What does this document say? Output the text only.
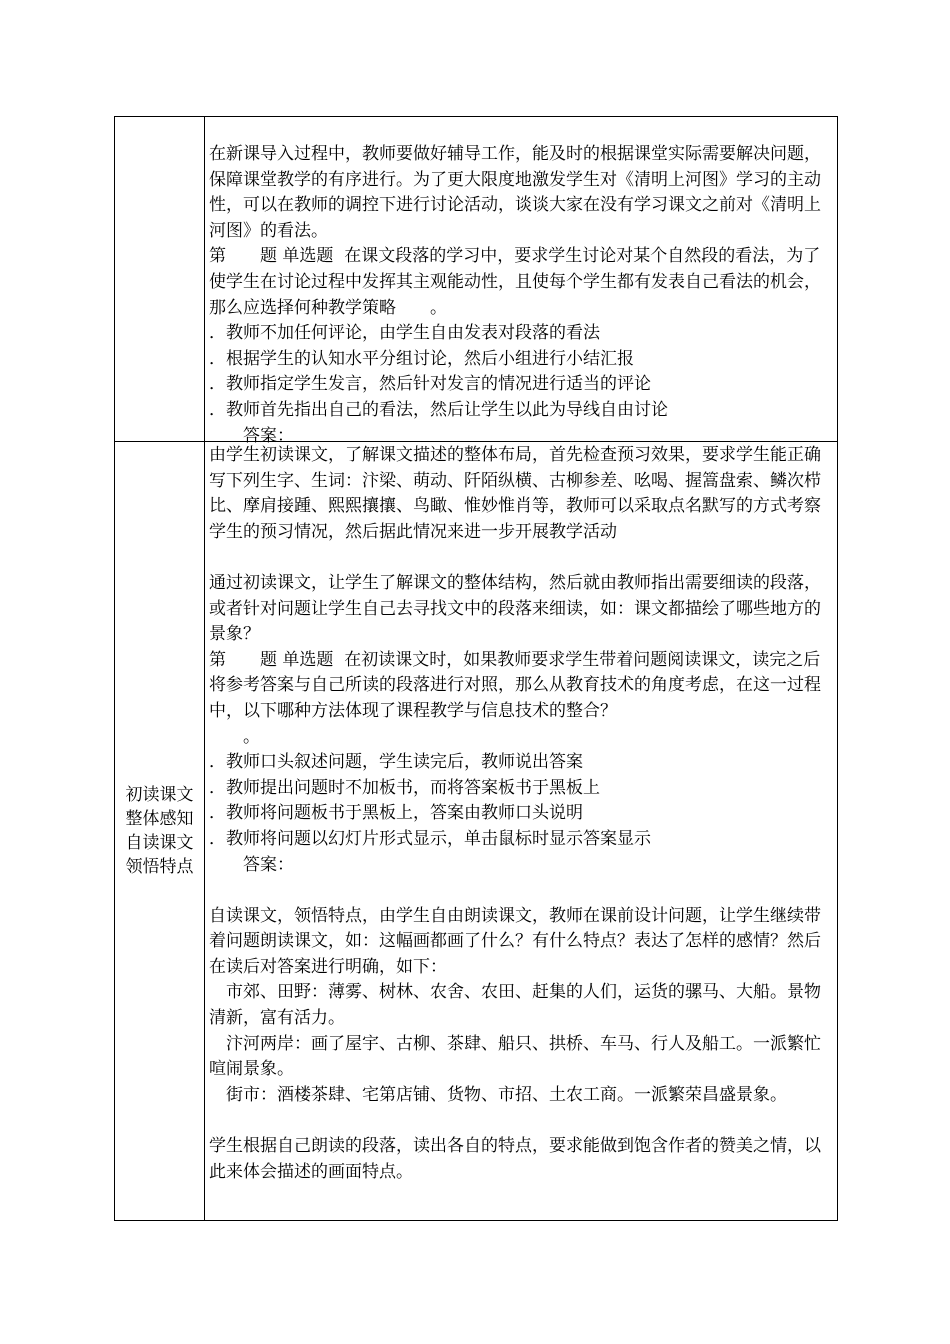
在新课导入过程中，教师要做好辅导工作，能及时的根据课堂实际需要解决问题，保障课堂教学的有序进行。为了更大限度地激发学生对《清明上河图》学习的主动性，可以在教师的调控下进行讨论活动，谈谈大家在没有学习课文之前对《清明上河图》的看法。

第　　题 单选题  在课文段落的学习中，要求学生讨论对某个自然段的看法，为了使学生在讨论过程中发挥其主观能动性，且使每个学生都有发表自己看法的机会，那么应选择何种教学策略　　。

．教师不加任何评论，由学生自由发表对段落的看法

．根据学生的认知水平分组讨论，然后小组进行小结汇报

．教师指定学生发言，然后针对发言的情况进行适当的评论

．教师首先指出自己的看法，然后让学生以此为导线自由讨论

　　答案：

初读课文
整体感知
自读课文
领悟特点

由学生初读课文，了解课文描述的整体布局，首先检查预习效果，要求学生能正确写下列生字、生词：汴梁、萌动、阡陌纵横、古柳参差、吆喝、握篙盘索、鳞次栉比、摩肩接踵、熙熙攘攘、鸟瞰、惟妙惟肖等，教师可以采取点名默写的方式考察学生的预习情况，然后据此情况来进一步开展教学活动

通过初读课文，让学生了解课文的整体结构，然后就由教师指出需要细读的段落，或者针对问题让学生自己去寻找文中的段落来细读，如：课文都描绘了哪些地方的景象？

第　　题 单选题  在初读课文时，如果教师要求学生带着问题阅读课文，读完之后将参考答案与自己所读的段落进行对照，那么从教育技术的角度考虑，在这一过程中，以下哪种方法体现了课程教学与信息技术的整合？

　　。

．教师口头叙述问题，学生读完后，教师说出答案

．教师提出问题时不加板书，而将答案板书于黑板上

．教师将问题板书于黑板上，答案由教师口头说明

．教师将问题以幻灯片形式显示，单击鼠标时显示答案显示

　　答案：

自读课文，领悟特点，由学生自由朗读课文，教师在课前设计问题，让学生继续带着问题朗读课文，如：这幅画都画了什么？有什么特点？表达了怎样的感情？然后在读后对答案进行明确，如下：

　市郊、田野：薄雾、树林、农舍、农田、赶集的人们，运货的骡马、大船。景物清新，富有活力。

　汴河两岸：画了屋宇、古柳、茶肆、船只、拱桥、车马、行人及船工。一派繁忙喧闹景象。

　街市：酒楼茶肆、宅第店铺、货物、市招、土农工商。一派繁荣昌盛景象。

学生根据自己朗读的段落，读出各自的特点，要求能做到饱含作者的赞美之情，以此来体会描述的画面特点。
